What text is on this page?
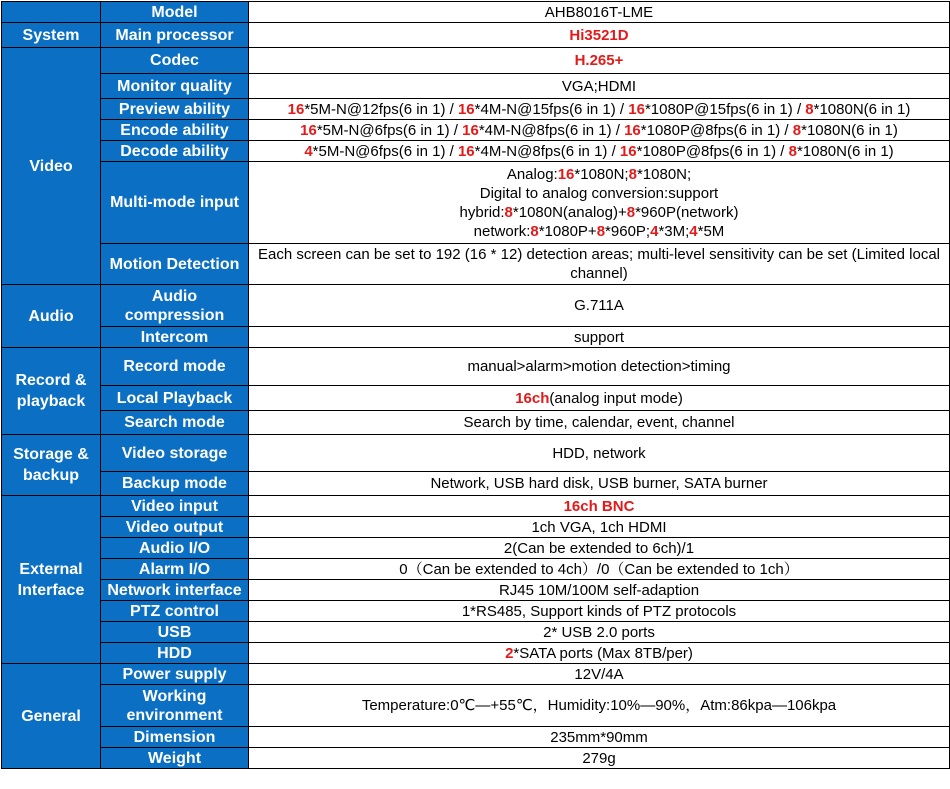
	Model	AHB8016T-LME
System	Main processor	Hi3521D
Video	Codec	H.265+
	Monitor quality	VGA;HDMI
	Preview ability	16*5M-N@12fps(6 in 1) / 16*4M-N@15fps(6 in 1) / 16*1080P@15fps(6 in 1) / 8*1080N(6 in 1)
	Encode ability	16*5M-N@6fps(6 in 1) / 16*4M-N@8fps(6 in 1) / 16*1080P@8fps(6 in 1) / 8*1080N(6 in 1)
	Decode ability	4*5M-N@6fps(6 in 1) / 16*4M-N@8fps(6 in 1) / 16*1080P@8fps(6 in 1) / 8*1080N(6 in 1)
	Multi-mode input	Analog:16*1080N;8*1080N;
Digital to analog conversion:support
hybrid:8*1080N(analog)+8*960P(network)
network:8*1080P+8*960P;4*3M;4*5M
	Motion Detection	Each screen can be set to 192 (16 * 12) detection areas; multi-level sensitivity can be set (Limited local channel)
Audio	Audio compression	G.711A
	Intercom	support
Record & playback	Record mode	manual>alarm>motion detection>timing
	Local Playback	16ch(analog input mode)
	Search mode	Search by time, calendar, event, channel
Storage & backup	Video storage	HDD, network
	Backup mode	Network, USB hard disk, USB burner, SATA burner
External Interface	Video input	16ch BNC
	Video output	1ch VGA, 1ch HDMI
	Audio I/O	2(Can be extended to 6ch)/1
	Alarm I/O	0（Can be extended to 4ch）/0（Can be extended to 1ch）
	Network interface	RJ45 10M/100M self-adaption
	PTZ control	1*RS485, Support kinds of PTZ protocols
	USB	2* USB 2.0 ports
	HDD	2*SATA ports (Max 8TB/per)
General	Power supply	12V/4A
	Working environment	Temperature:0℃—+55℃，Humidity:10%—90%，Atm:86kpa—106kpa
	Dimension	235mm*90mm
	Weight	279g
